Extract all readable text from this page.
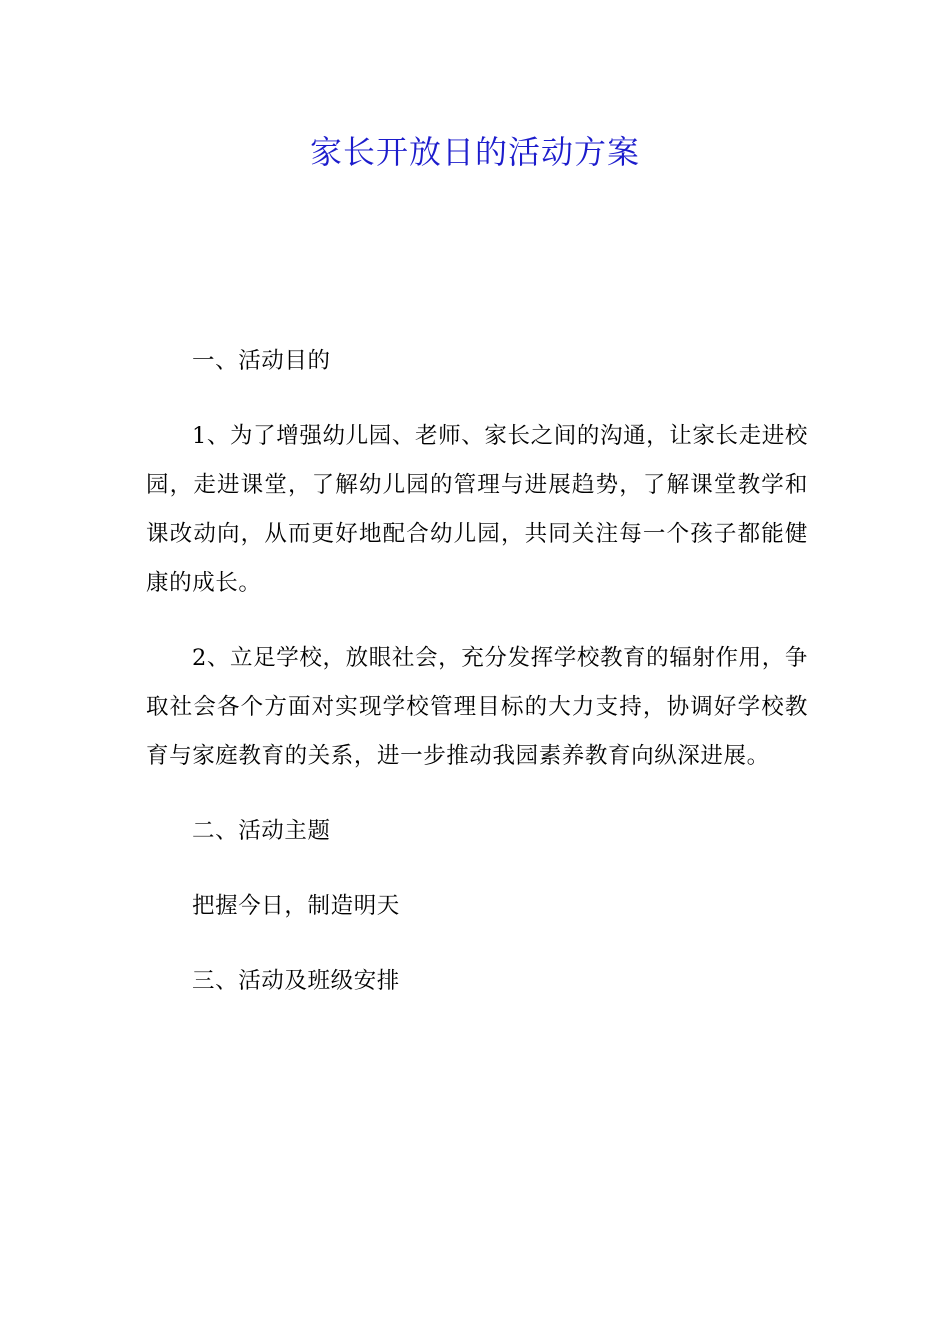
家长开放日的活动方案

一、活动目的

1、为了增强幼儿园、老师、家长之间的沟通，让家长走进校园，走进课堂，了解幼儿园的管理与进展趋势，了解课堂教学和课改动向，从而更好地配合幼儿园，共同关注每一个孩子都能健康的成长。

2、立足学校，放眼社会，充分发挥学校教育的辐射作用，争取社会各个方面对实现学校管理目标的大力支持，协调好学校教育与家庭教育的关系，进一步推动我园素养教育向纵深进展。

二、活动主题

把握今日，制造明天

三、活动及班级安排
